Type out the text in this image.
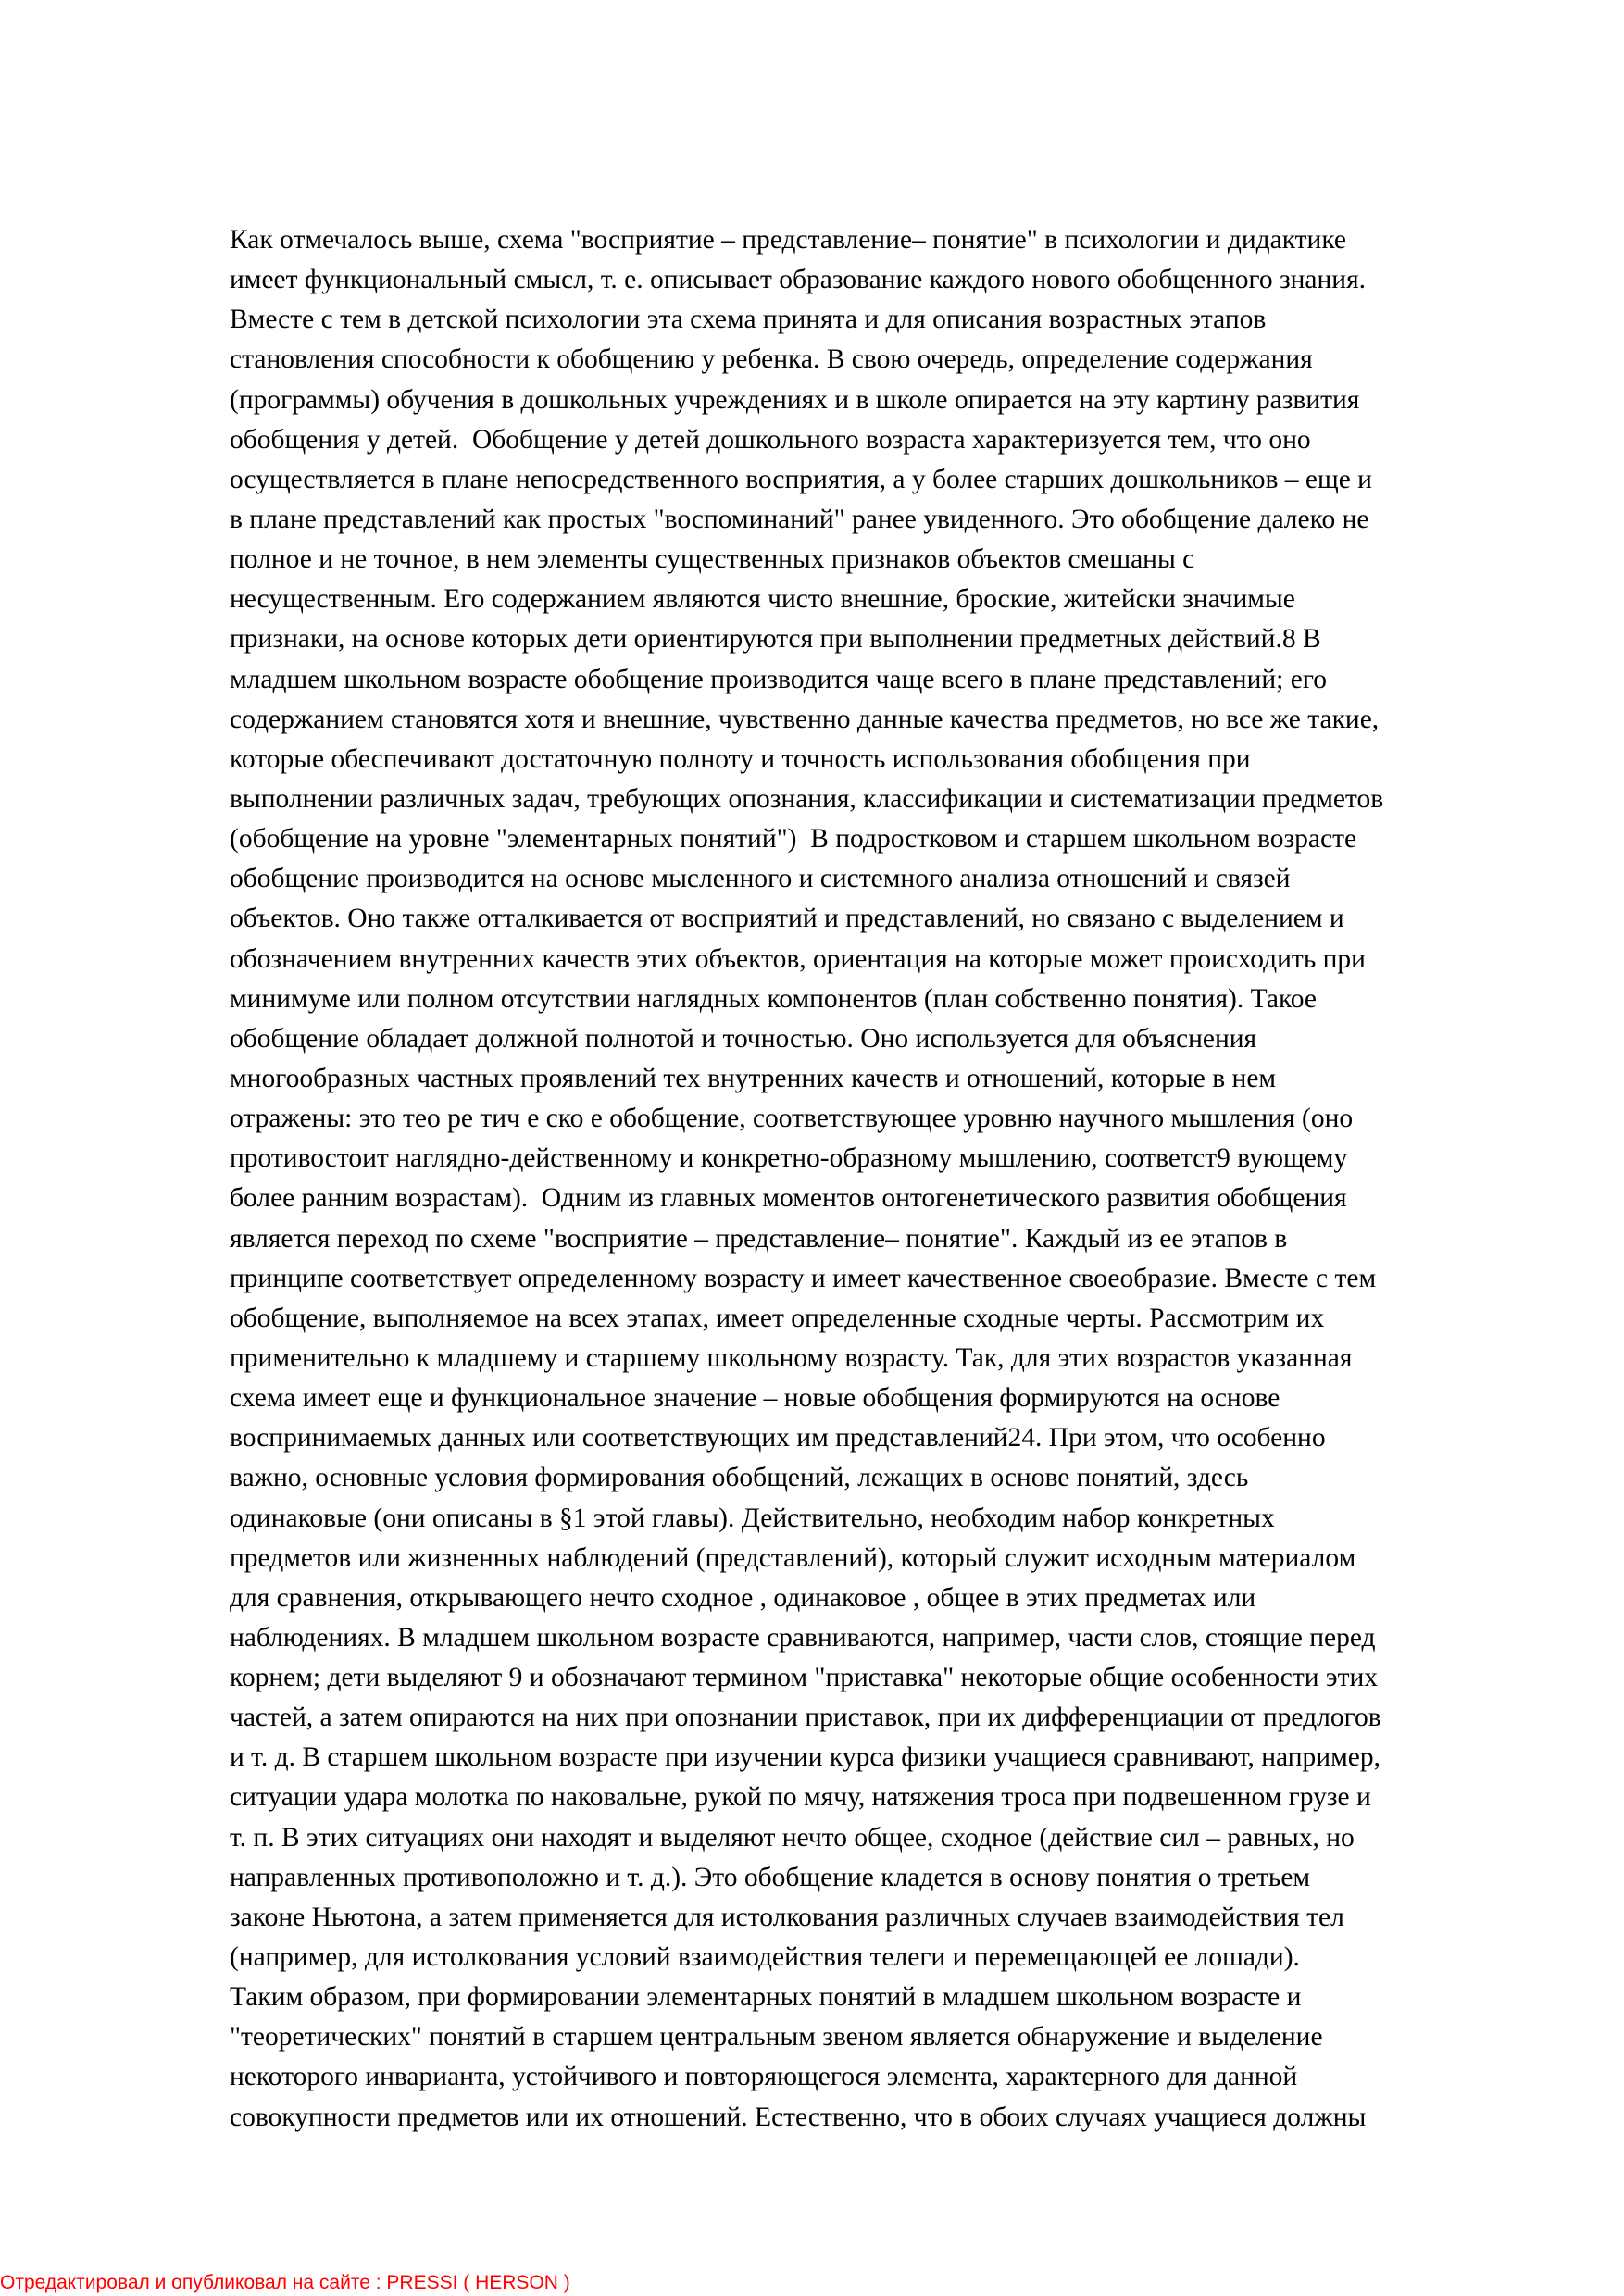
Как отмечалось выше, схема "восприятие – представление– понятие" в психологии и дидактике
имеет функциональный смысл, т. е. описывает образование каждого нового обобщенного знания.
Вместе с тем в детской психологии эта схема принята и для описания возрастных этапов
становления способности к обобщению у ребенка. В свою очередь, определение содержания
(программы) обучения в дошкольных учреждениях и в школе опирается на эту картину развития
обобщения у детей.  Обобщение у детей дошкольного возраста характеризуется тем, что оно
осуществляется в плане непосредственного восприятия, а у более старших дошкольников – еще и
в плане представлений как простых "воспоминаний" ранее увиденного. Это обобщение далеко не
полное и не точное, в нем элементы существенных признаков объектов смешаны с
несущественным. Его содержанием являются чисто внешние, броские, житейски значимые
признаки, на основе которых дети ориентируются при выполнении предметных действий.8 В
младшем школьном возрасте обобщение производится чаще всего в плане представлений; его
содержанием становятся хотя и внешние, чувственно данные качества предметов, но все же такие,
которые обеспечивают достаточную полноту и точность использования обобщения при
выполнении различных задач, требующих опознания, классификации и систематизации предметов
(обобщение на уровне "элементарных понятий")  В подростковом и старшем школьном возрасте
обобщение производится на основе мысленного и системного анализа отношений и связей
объектов. Оно также отталкивается от восприятий и представлений, но связано с выделением и
обозначением внутренних качеств этих объектов, ориентация на которые может происходить при
минимуме или полном отсутствии наглядных компонентов (план собственно понятия). Такое
обобщение обладает должной полнотой и точностью. Оно используется для объяснения
многообразных частных проявлений тех внутренних качеств и отношений, которые в нем
отражены: это тео ре тич е ско е обобщение, соответствующее уровню научного мышления (оно
противостоит наглядно-действенному и конкретно-образному мышлению, соответст9 вующему
более ранним возрастам).  Одним из главных моментов онтогенетического развития обобщения
является переход по схеме "восприятие – представление– понятие". Каждый из ее этапов в
принципе соответствует определенному возрасту и имеет качественное своеобразие. Вместе с тем
обобщение, выполняемое на всех этапах, имеет определенные сходные черты. Рассмотрим их
применительно к младшему и старшему школьному возрасту. Так, для этих возрастов указанная
схема имеет еще и функциональное значение – новые обобщения формируются на основе
воспринимаемых данных или соответствующих им представлений24. При этом, что особенно
важно, основные условия формирования обобщений, лежащих в основе понятий, здесь
одинаковые (они описаны в §1 этой главы). Действительно, необходим набор конкретных
предметов или жизненных наблюдений (представлений), который служит исходным материалом
для сравнения, открывающего нечто сходное , одинаковое , общее в этих предметах или
наблюдениях. В младшем школьном возрасте сравниваются, например, части слов, стоящие перед
корнем; дети выделяют 9 и обозначают термином "приставка" некоторые общие особенности этих
частей, а затем опираются на них при опознании приставок, при их дифференциации от предлогов
и т. д. В старшем школьном возрасте при изучении курса физики учащиеся сравнивают, например,
ситуации удара молотка по наковальне, рукой по мячу, натяжения троса при подвешенном грузе и
т. п. В этих ситуациях они находят и выделяют нечто общее, сходное (действие сил – равных, но
направленных противоположно и т. д.). Это обобщение кладется в основу понятия о третьем
законе Ньютона, а затем применяется для истолкования различных случаев взаимодействия тел
(например, для истолкования условий взаимодействия телеги и перемещающей ее лошади).
Таким образом, при формировании элементарных понятий в младшем школьном возрасте и
"теоретических" понятий в старшем центральным звеном является обнаружение и выделение
некоторого инварианта, устойчивого и повторяющегося элемента, характерного для данной
совокупности предметов или их отношений. Естественно, что в обоих случаях учащиеся должны
Отредактировал и опубликовал на сайте : PRESSI ( HERSON )
